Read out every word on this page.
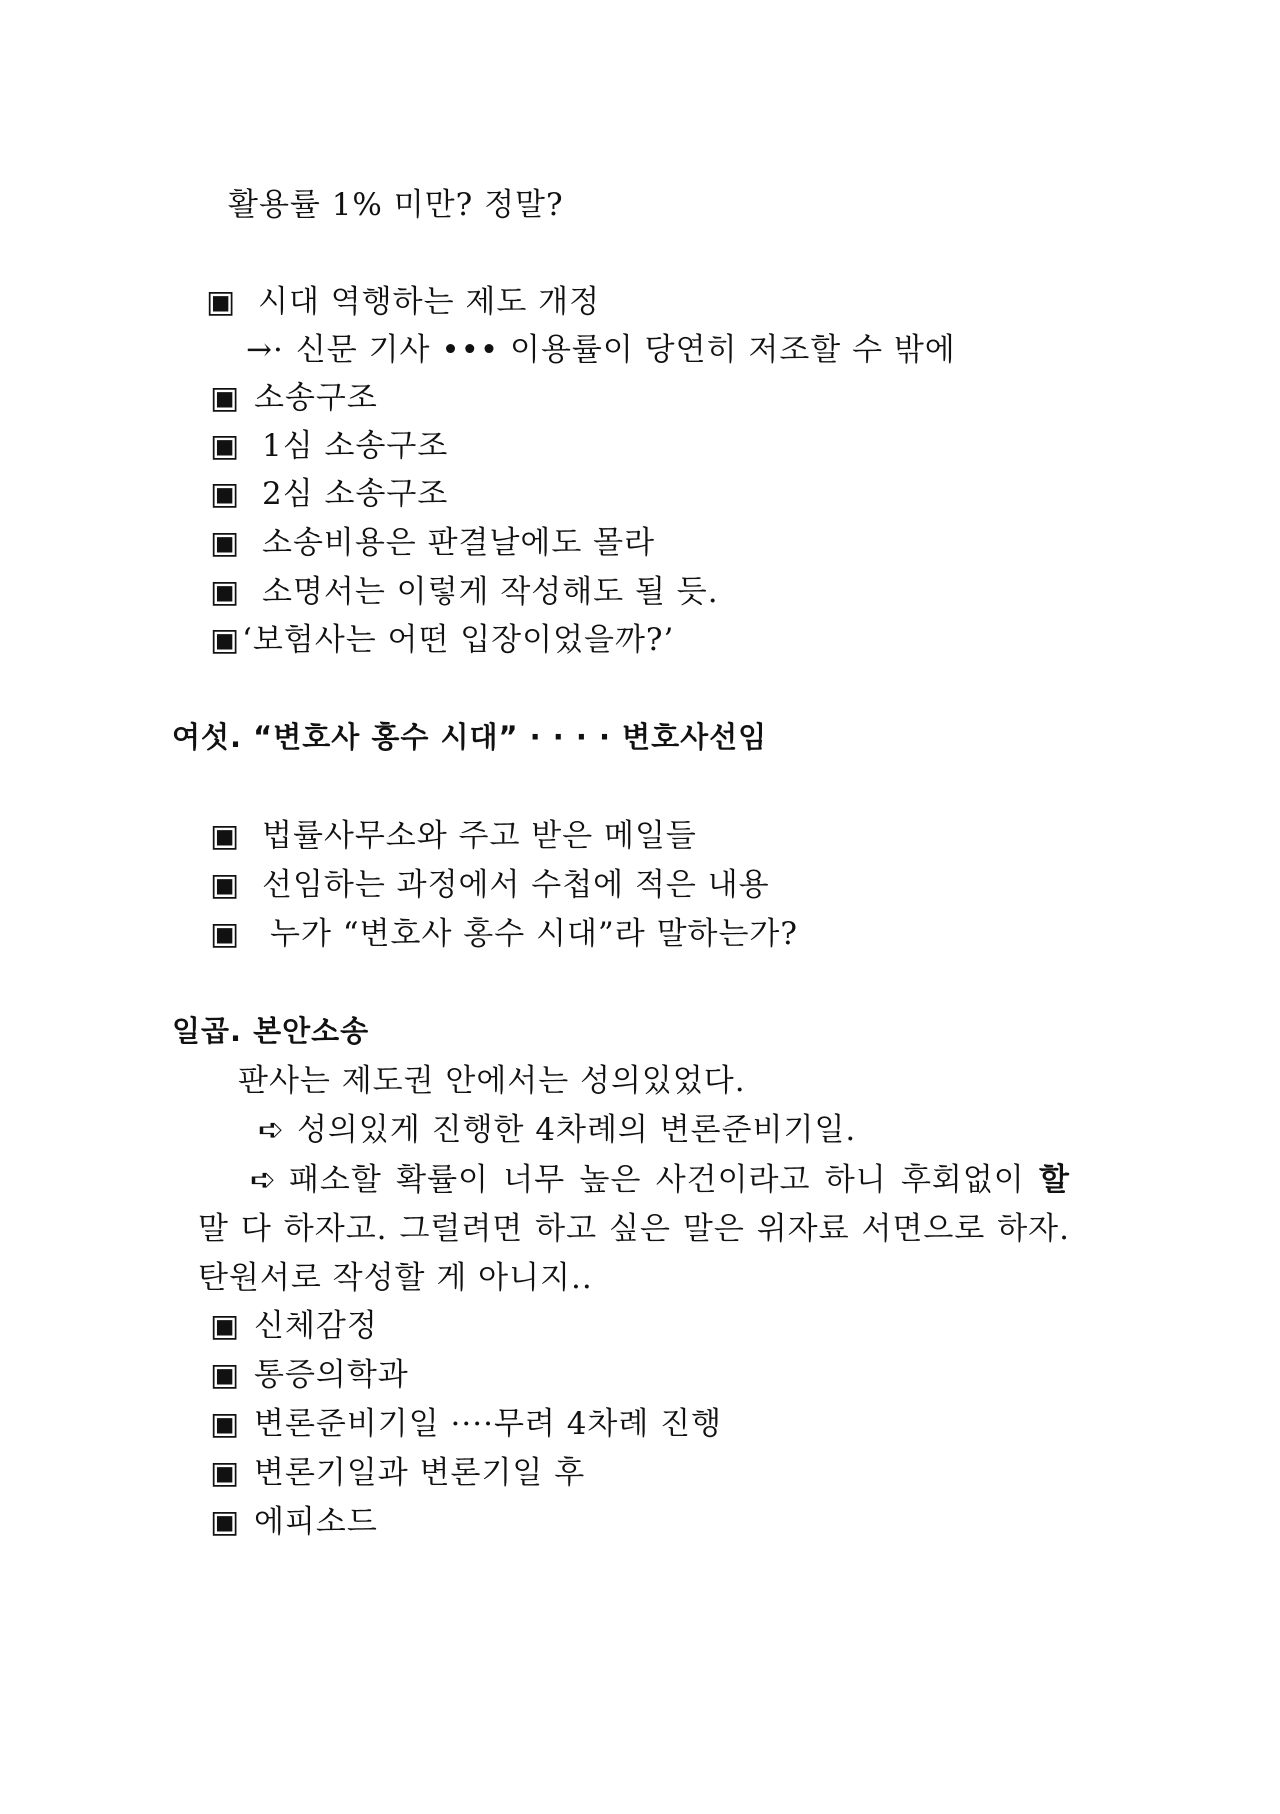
활용률 1% 미만? 정말?
▣ 시대 역행하는 제도 개정
→· 신문 기사 ••• 이용률이 당연히 저조할 수 밖에
▣ 소송구조
▣ 1심 소송구조
▣ 2심 소송구조
▣ 소송비용은 판결날에도 몰라
▣ 소명서는 이렇게 작성해도 될 듯.
▣‘보험사는 어떤 입장이었을까?’
여섯. “변호사 홍수 시대” · · · · 변호사선임
▣ 법률사무소와 주고 받은 메일들
▣ 선임하는 과정에서 수첩에 적은 내용
▣ 누가 “변호사 홍수 시대”라 말하는가?
일곱. 본안소송
판사는 제도권 안에서는 성의있었다.
➪ 성의있게 진행한 4차례의 변론준비기일.
➪ 패소할 확률이 너무 높은 사건이라고 하니 후회없이 할 말 다 하자고. 그럴려면 하고 싶은 말은 위자료 서면으로 하자. 탄원서로 작성할 게 아니지..
▣ 신체감정
▣ 통증의학과
▣ 변론준비기일 ····무려 4차례 진행
▣ 변론기일과 변론기일 후
▣ 에피소드
